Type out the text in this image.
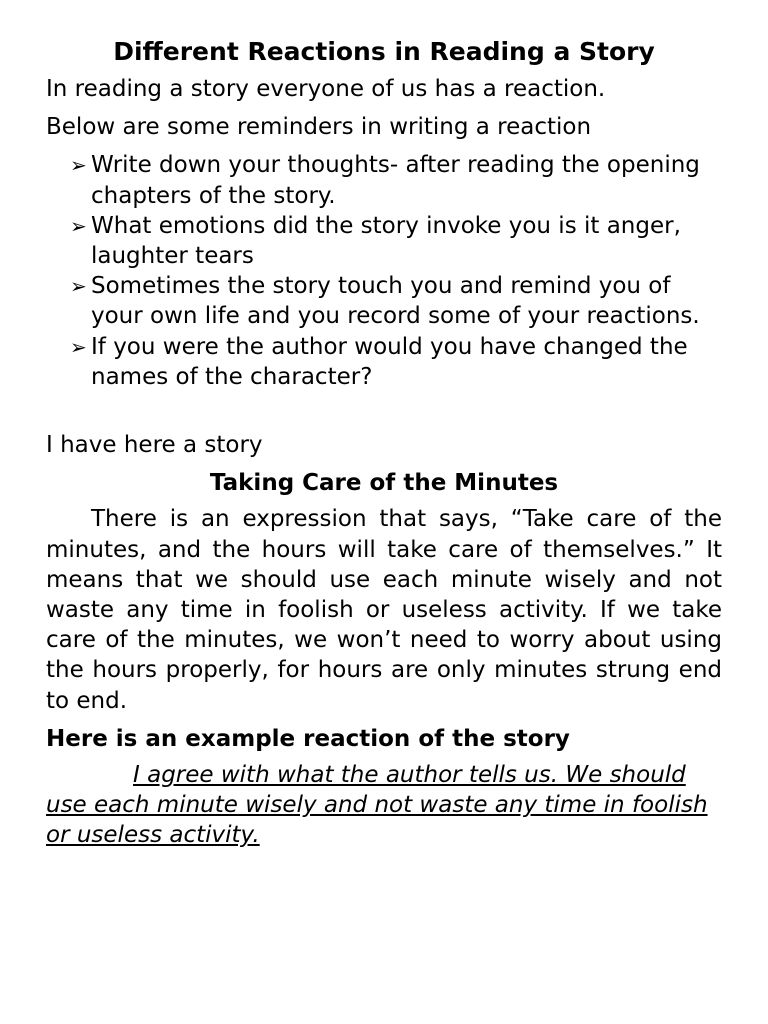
Different Reactions in Reading a Story
In reading a story everyone of us has a reaction.
Below are some reminders in writing a reaction
➢ Write down your thoughts- after reading the opening chapters of the story.
➢ What emotions did the story invoke you is it anger, laughter tears
➢ Sometimes the story touch you and remind you of your own life and you record some of your reactions.
➢ If you were the author would you have changed the names of the character?
I have here a story
Taking Care of the Minutes
There is an expression that says, “Take care of the minutes, and the hours will take care of themselves.” It means that we should use each minute wisely and not waste any time in foolish or useless activity. If we take care of the minutes, we won’t need to worry about using the hours properly, for hours are only minutes strung end to end.
Here is an example reaction of the story
I agree with what the author tells us. We should use each minute wisely and not waste any time in foolish or useless activity.
